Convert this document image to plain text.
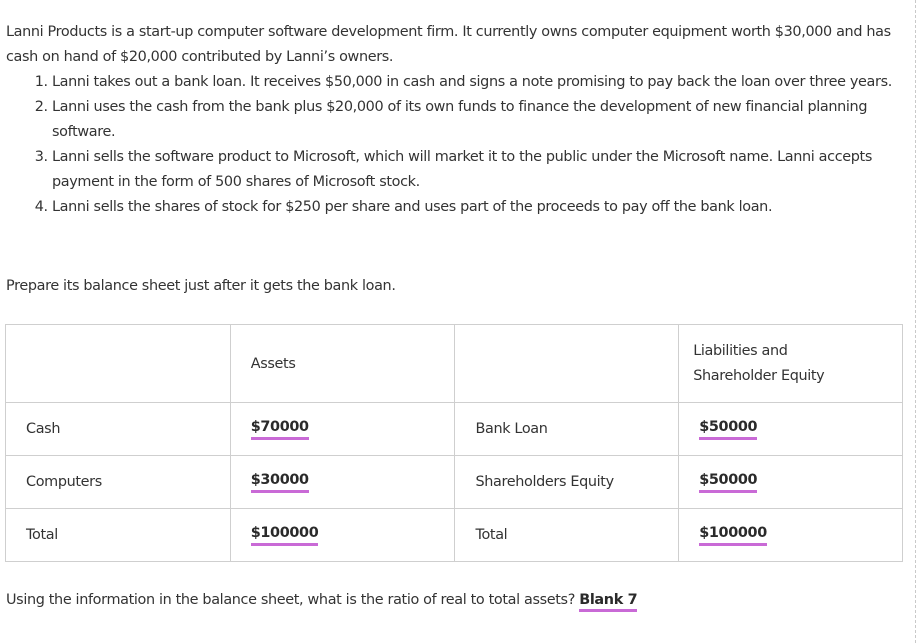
Lanni Products is a start-up computer software development firm. It currently owns computer equipment worth $30,000 and has cash on hand of $20,000 contributed by Lanni’s owners.

1. Lanni takes out a bank loan. It receives $50,000 in cash and signs a note promising to pay back the loan over three years.
2. Lanni uses the cash from the bank plus $20,000 of its own funds to finance the development of new financial planning software.
3. Lanni sells the software product to Microsoft, which will market it to the public under the Microsoft name. Lanni accepts payment in the form of 500 shares of Microsoft stock.
4. Lanni sells the shares of stock for $250 per share and uses part of the proceeds to pay off the bank loan.
Prepare its balance sheet just after it gets the bank loan.
	Assets		Liabilities and
Shareholder Equity
Cash	$70000	Bank Loan	$50000
Computers	$30000	Shareholders Equity	$50000
Total	$100000	Total	$100000
Using the information in the balance sheet, what is the ratio of real to total assets? Blank 7
